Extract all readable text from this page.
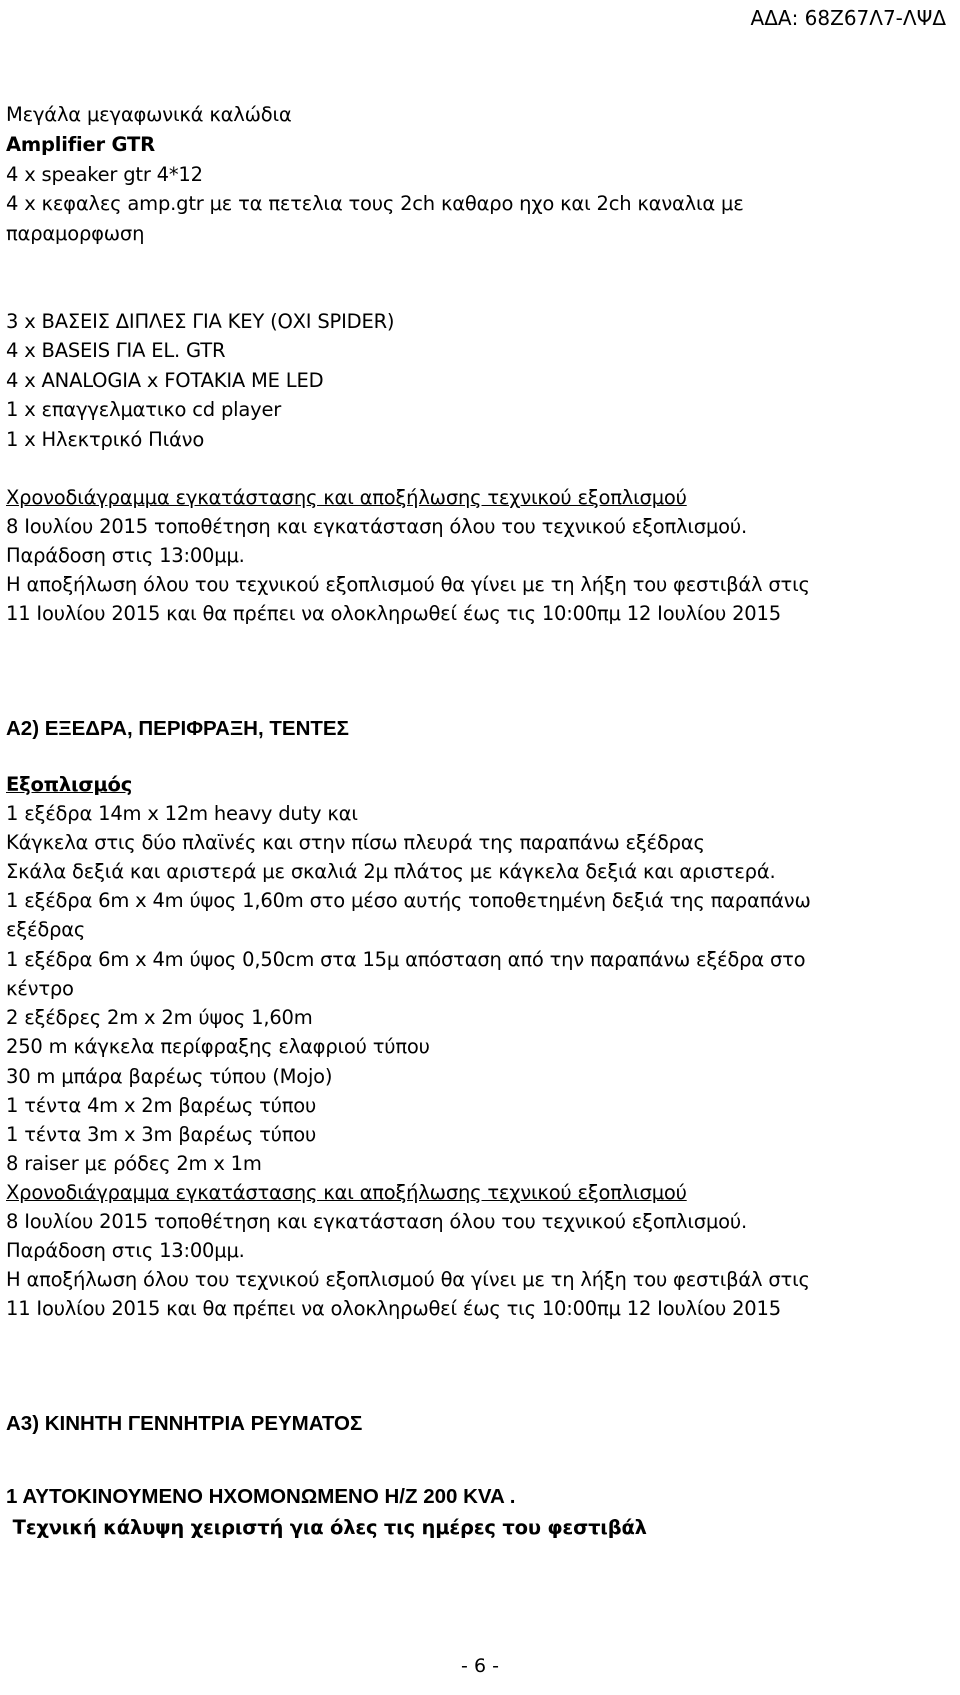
ΑΔΑ: 68Ζ67Λ7-ΛΨΔ
Μεγάλα μεγαφωνικά καλώδια
Amplifier GTR
4 x speaker gtr 4*12
4 x κεφαλες amp.gtr με τα πετελια τους 2ch καθαρο ηχο και 2ch καναλια με
παραμορφωση
3 x ΒΑΣΕΙΣ ΔΙΠΛΕΣ ΓΙΑ ΚΕΥ (ΟΧΙ SPIDER)
4 x BASEIS ΓΙΑ EL. GTR
4 x ANALOGIA x FOTAKIA ME LED
1 x επαγγελματικο cd player
1 x Ηλεκτρικό Πιάνο
Χρονοδιάγραμμα εγκατάστασης και αποξήλωσης τεχνικού εξοπλισμού
8 Ιουλίου 2015 τοποθέτηση και εγκατάσταση όλου του τεχνικού εξοπλισμού.
Παράδοση στις 13:00μμ.
Η αποξήλωση όλου του τεχνικού εξοπλισμού θα γίνει με τη λήξη του φεστιβάλ στις
11 Ιουλίου 2015 και θα πρέπει να ολοκληρωθεί έως τις 10:00πμ 12 Ιουλίου 2015
Α2) ΕΞΕΔΡΑ, ΠΕΡΙΦΡΑΞΗ, ΤΕΝΤΕΣ
Εξοπλισμός
1 εξέδρα 14m x 12m heavy duty και
Κάγκελα στις δύο πλαϊνές και στην πίσω πλευρά της παραπάνω εξέδρας
Σκάλα δεξιά και αριστερά με σκαλιά 2μ πλάτος με κάγκελα δεξιά και αριστερά.
1 εξέδρα 6m x 4m ύψος 1,60m στο μέσο αυτής τοποθετημένη δεξιά της παραπάνω
εξέδρας
1 εξέδρα 6m x 4m ύψος 0,50cm στα 15μ απόσταση από την παραπάνω εξέδρα στο
κέντρο
2 εξέδρες 2m x 2m ύψος 1,60m
250 m κάγκελα περίφραξης ελαφριού τύπου
30 m μπάρα βαρέως τύπου (Mojo)
1 τέντα 4m x 2m βαρέως τύπου
1 τέντα 3m x 3m βαρέως τύπου
8 raiser με ρόδες 2m x 1m
Χρονοδιάγραμμα εγκατάστασης και αποξήλωσης τεχνικού εξοπλισμού
8 Ιουλίου 2015 τοποθέτηση και εγκατάσταση όλου του τεχνικού εξοπλισμού.
Παράδοση στις 13:00μμ.
Η αποξήλωση όλου του τεχνικού εξοπλισμού θα γίνει με τη λήξη του φεστιβάλ στις
11 Ιουλίου 2015 και θα πρέπει να ολοκληρωθεί έως τις 10:00πμ 12 Ιουλίου 2015
Α3) ΚΙΝΗΤΗ ΓΕΝΝΗΤΡΙΑ ΡΕΥΜΑΤΟΣ
1 ΑΥΤΟΚΙΝΟΥΜΕΝΟ ΗΧΟΜΟΝΩΜΕΝΟ Η/Ζ 200 KVA .
Τεχνική κάλυψη χειριστή για όλες τις ημέρες του φεστιβάλ
- 6 -
